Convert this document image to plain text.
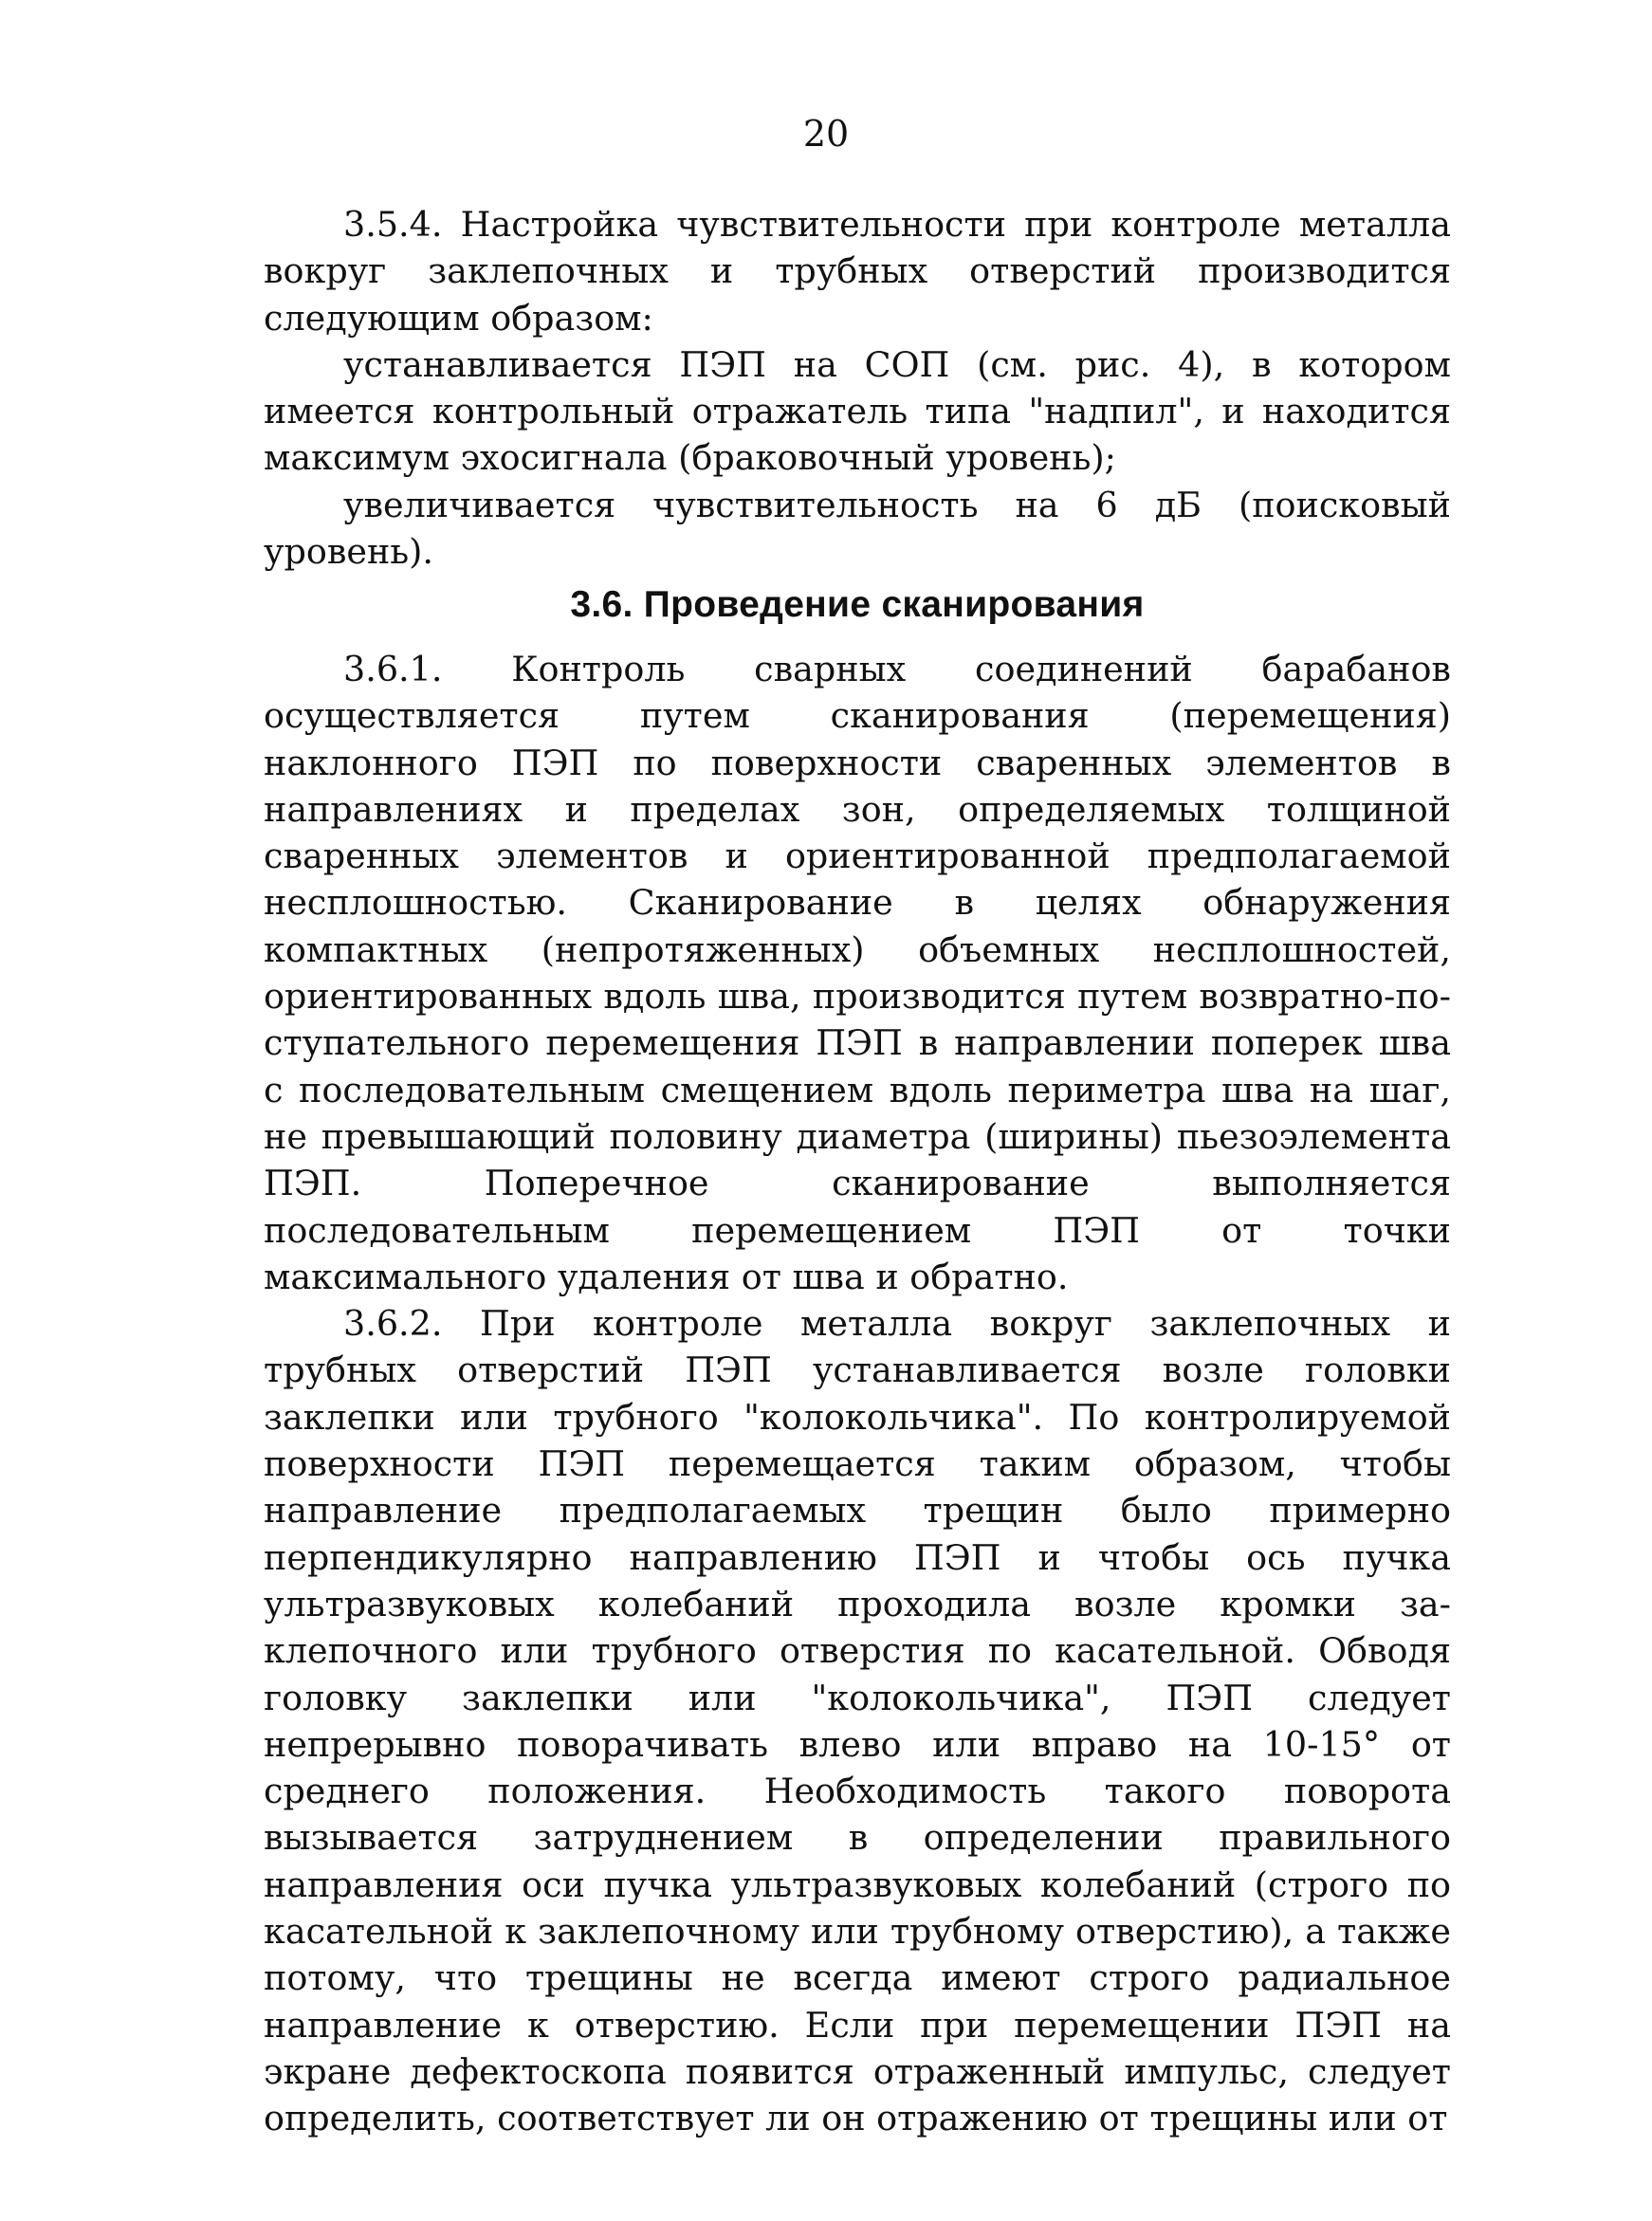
20

3.5.4. Настройка чувствительности при контроле металла вокруг заклепочных и трубных отверстий производится следующим образом:

устанавливается ПЭП на СОП (см. рис. 4), в котором имеется контрольный отражатель типа "надпил", и находится максимум эхосигнала (браковочный уровень);

увеличивается чувствительность на 6 дБ (поисковый уровень).

3.6. Проведение сканирования

3.6.1. Контроль сварных соединений барабанов осуществляется путем сканирования (перемещения) наклонного ПЭП по поверхности сваренных элементов в направлениях и пределах зон, определяемых толщиной сваренных элементов и ориентированной предполагаемой несплошностью. Сканирование в целях обнаружения компактных (непротяженных) объемных несплошностей, ориентированных вдоль шва, производится путем возвратно-поступательного перемещения ПЭП в направлении поперек шва с последовательным смещением вдоль периметра шва на шаг, не превышающий половину диаметра (ширины) пьезоэлемента ПЭП. Поперечное сканирование выполняется последовательным перемещением ПЭП от точки максимального удаления от шва и обратно.

3.6.2. При контроле металла вокруг заклепочных и трубных отверстий ПЭП устанавливается возле головки заклепки или трубного "колокольчика". По контролируемой поверхности ПЭП перемещается таким образом, чтобы направление предполагаемых трещин было примерно перпендикулярно направлению ПЭП и чтобы ось пучка ультразвуковых колебаний проходила возле кромки заклепочного или трубного отверстия по касательной. Обводя головку заклепки или "колокольчика", ПЭП следует непрерывно поворачивать влево или вправо на 10-15° от среднего положения. Необходимость такого поворота вызывается затруднением в определении правильного направления оси пучка ультразвуковых колебаний (строго по касательной к заклепочному или трубному отверстию), а также потому, что трещины не всегда имеют строго радиальное направление к отверстию. Если при перемещении ПЭП на экране дефектоскопа появится отраженный импульс, следует определить, соответствует ли он отражению от трещины или от
